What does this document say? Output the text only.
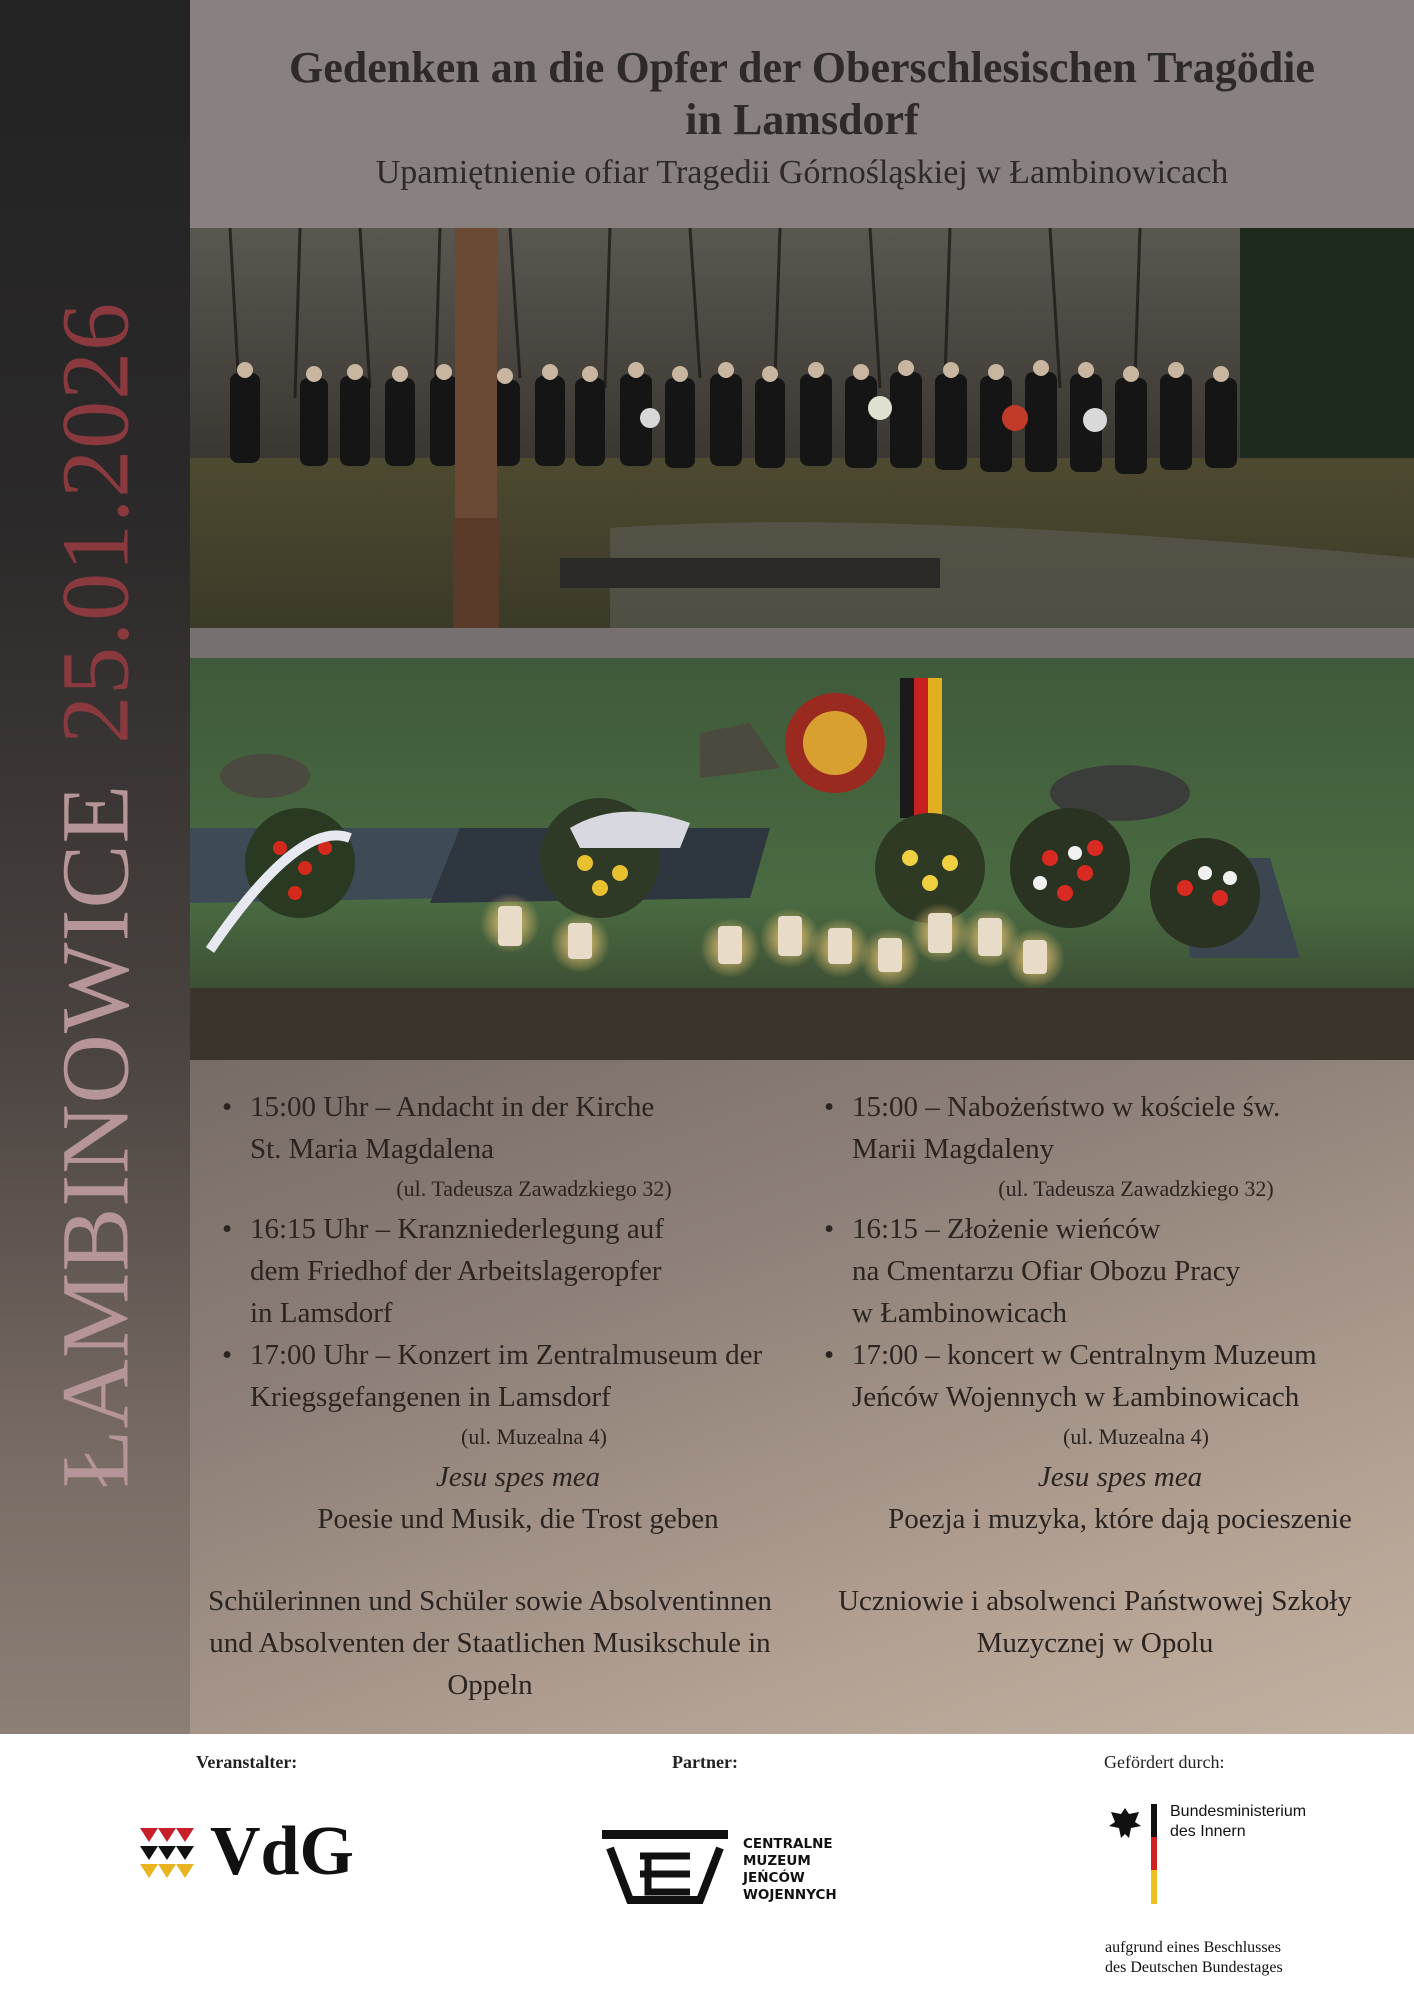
ŁAMBINOWICE25.01.2026
Gedenken an die Opfer der Oberschlesischen Tragödie
in Lamsdorf
Upamiętnienie ofiar Tragedii Górnośląskiej w Łambinowicach
• 15:00 Uhr – Andacht in der Kirche
St. Maria Magdalena
(ul. Tadeusza Zawadzkiego 32)
• 16:15 Uhr – Kranzniederlegung auf
dem Friedhof der Arbeitslageropfer
in Lamsdorf
• 17:00 Uhr – Konzert im Zentralmuseum der
Kriegsgefangenen in Lamsdorf
(ul. Muzealna 4)
Jesu spes mea
Poesie und Musik, die Trost geben
• 15:00 – Nabożeństwo w kościele św.
Marii Magdaleny
(ul. Tadeusza Zawadzkiego 32)
• 16:15 – Złożenie wieńców
na Cmentarzu Ofiar Obozu Pracy
w Łambinowicach
• 17:00 – koncert w Centralnym Muzeum
Jeńców Wojennych w Łambinowicach
(ul. Muzealna 4)
Jesu spes mea
Poezja i muzyka, które dają pocieszenie
Schülerinnen und Schüler sowie Absolventinnen und Absolventen der Staatlichen Musikschule in Oppeln
Uczniowie i absolwenci Państwowej Szkoły Muzycznej w Opolu
Veranstalter:	Partner:	Gefördert durch:
VdG	CENTRALNE
MUZEUM
JEŃCÓW
WOJENNYCH
Bundesministerium
des Innern
aufgrund eines Beschlusses
des Deutschen Bundestages
